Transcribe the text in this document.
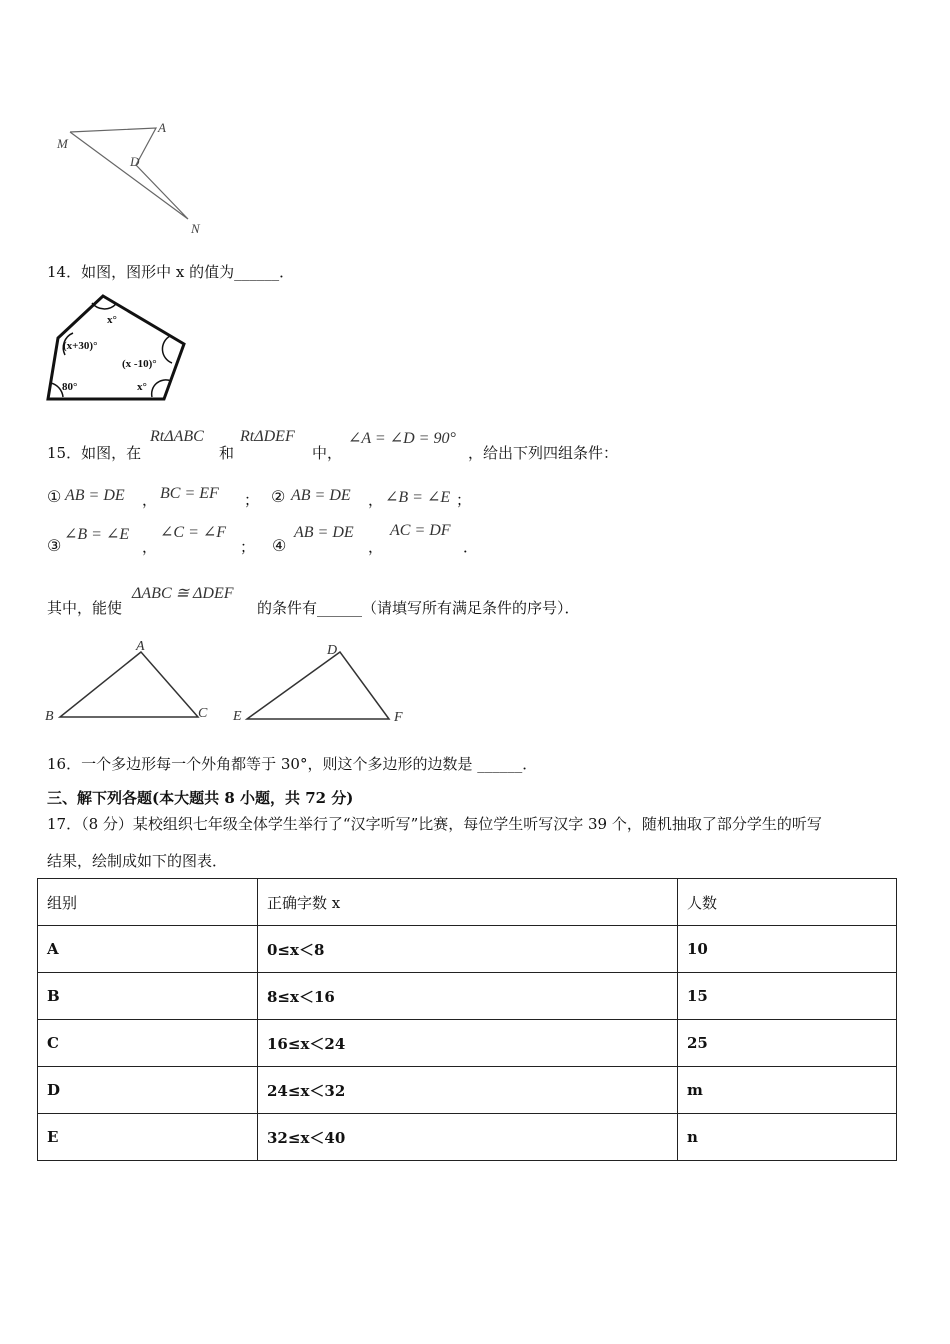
M
A
D
N
14．如图，图形中 x 的值为______．
x°
(x+30)°
(x -10)°
80°	x°
15．如图，在
RtΔABC
和
RtΔDEF
中，
∠A = ∠D = 90°
，给出下列四组条件：
① AB = DE ， BC = EF ； ② AB = DE ， ∠B = ∠E ；
③
∠B = ∠E
，
∠C = ∠F
； ④
AB = DE
，
AC = DF
．
其中，能使
ΔABC ≅ ΔDEF
的条件有______（请填写所有满足条件的序号）．
A
B	C
D
E	F
16．一个多边形每一个外角都等于 30°，则这个多边形的边数是 ______．
三、解下列各题(本大题共 8 小题，共 72 分)
17．（8 分）某校组织七年级全体学生举行了“汉字听写”比赛，每位学生听写汉字 39 个，随机抽取了部分学生的听写
结果，绘制成如下的图表．
组别	正确字数 x	人数
A	0≤x＜8	10
B	8≤x＜16	15
C	16≤x＜24	25
D	24≤x＜32	m
E	32≤x＜40	n
